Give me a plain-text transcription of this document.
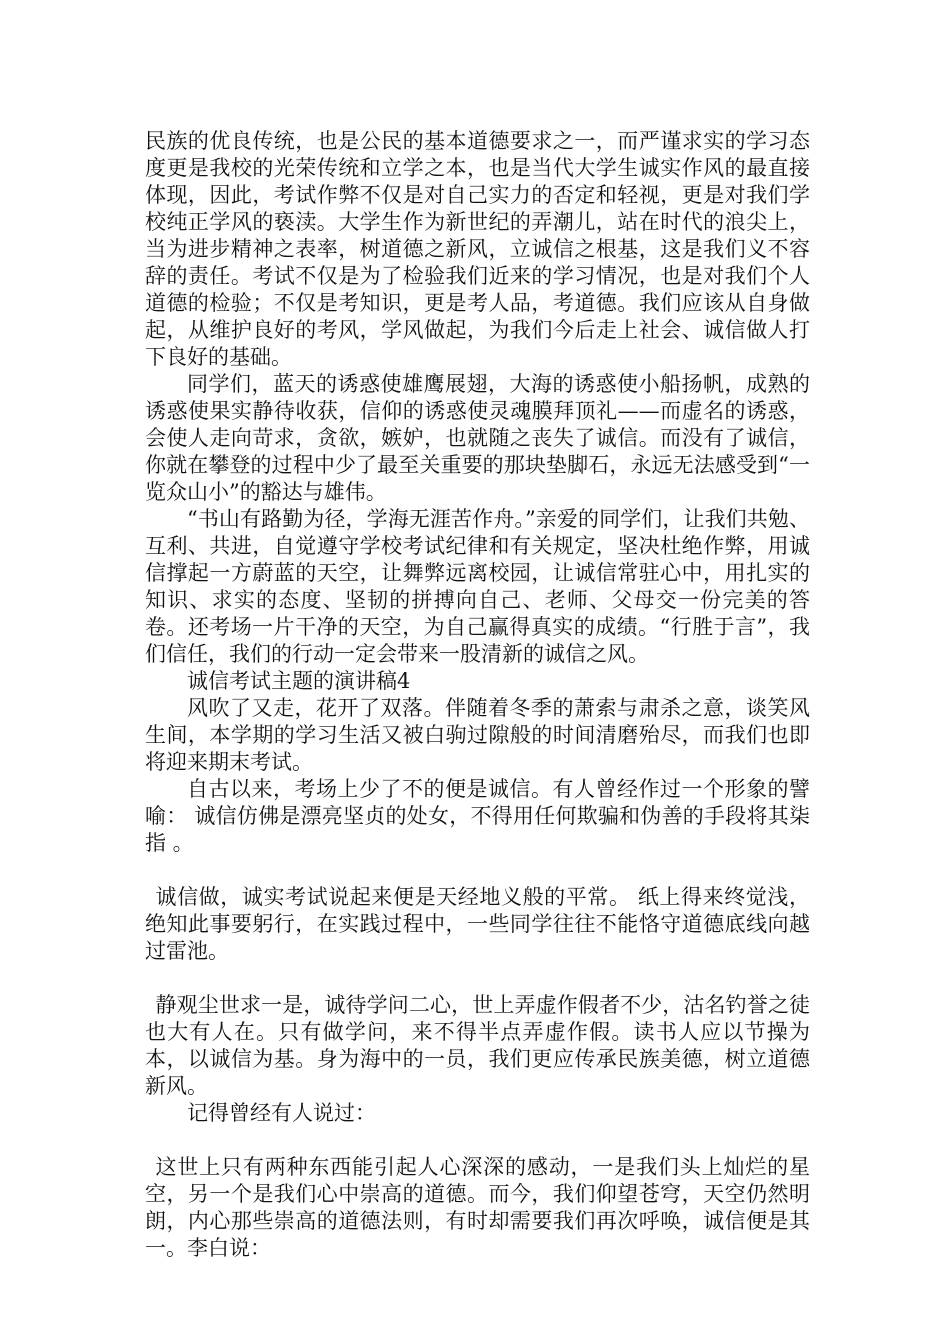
民族的优良传统，也是公民的基本道德要求之一，而严谨求实的学习态度更是我校的光荣传统和立学之本，也是当代大学生诚实作风的最直接体现，因此，考试作弊不仅是对自己实力的否定和轻视，更是对我们学校纯正学风的亵渎。大学生作为新世纪的弄潮儿，站在时代的浪尖上，当为进步精神之表率，树道德之新风，立诚信之根基，这是我们义不容辞的责任。考试不仅是为了检验我们近来的学习情况，也是对我们个人道德的检验；不仅是考知识，更是考人品，考道德。我们应该从自身做起，从维护良好的考风，学风做起，为我们今后走上社会、诚信做人打下良好的基础。

同学们，蓝天的诱惑使雄鹰展翅，大海的诱惑使小船扬帆，成熟的诱惑使果实静待收获，信仰的诱惑使灵魂膜拜顶礼——而虚名的诱惑，会使人走向苛求，贪欲，嫉妒，也就随之丧失了诚信。而没有了诚信，你就在攀登的过程中少了最至关重要的那块垫脚石，永远无法感受到“一览众山小”的豁达与雄伟。

“书山有路勤为径，学海无涯苦作舟。”亲爱的同学们，让我们共勉、互利、共进，自觉遵守学校考试纪律和有关规定，坚决杜绝作弊，用诚信撑起一方蔚蓝的天空，让舞弊远离校园，让诚信常驻心中，用扎实的知识、求实的态度、坚韧的拼搏向自己、老师、父母交一份完美的答卷。还考场一片干净的天空，为自己赢得真实的成绩。“行胜于言”，我们信任，我们的行动一定会带来一股清新的诚信之风。

诚信考试主题的演讲稿4

风吹了又走，花开了双落。伴随着冬季的萧索与肃杀之意，谈笑风生间，本学期的学习生活又被白驹过隙般的时间清磨殆尽，而我们也即将迎来期末考试。

自古以来，考场上少了不的便是诚信。有人曾经作过一个形象的譬喻： 诚信仿佛是漂亮坚贞的处女，不得用任何欺骗和伪善的手段将其柒指 。

诚信做，诚实考试说起来便是天经地义般的平常。 纸上得来终觉浅，绝知此事要躬行，在实践过程中，一些同学往往不能恪守道德底线向越过雷池。

静观尘世求一是，诚待学问二心，世上弄虚作假者不少，沽名钓誉之徒也大有人在。只有做学问，来不得半点弄虚作假。读书人应以节操为本，以诚信为基。身为海中的一员，我们更应传承民族美德，树立道德新风。

记得曾经有人说过：

这世上只有两种东西能引起人心深深的感动，一是我们头上灿烂的星空，另一个是我们心中崇高的道德。而今，我们仰望苍穹，天空仍然明朗，内心那些崇高的道德法则，有时却需要我们再次呼唤，诚信便是其一。李白说：
